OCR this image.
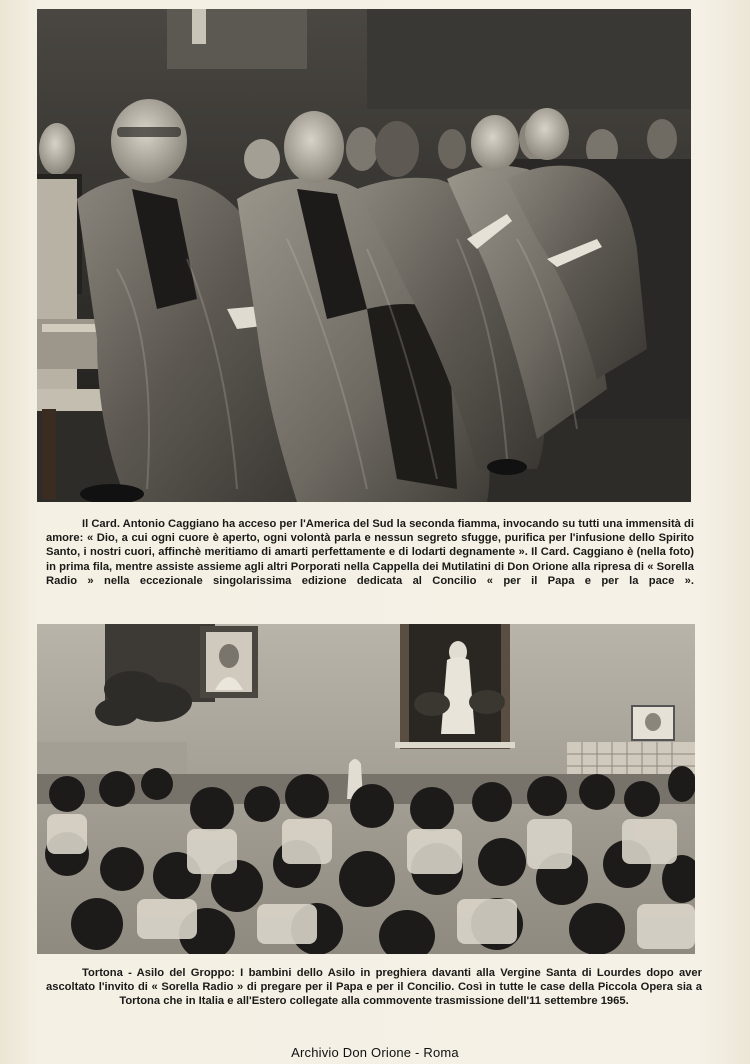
Il Card. Antonio Caggiano ha acceso per l'America del Sud la seconda fiamma, invocando su tutti una immensità di amore: « Dio, a cui ogni cuore è aperto, ogni volontà parla e nessun segreto sfugge, purifica per l'infusione dello Spirito Santo, i nostri cuori, affinchè meritiamo di amarti perfettamente e di lodarti degnamente ». Il Card. Caggiano è (nella foto) in prima fila, mentre assiste assieme agli altri Porporati nella Cappella dei Mutilatini di Don Orione alla ripresa di « Sorella Radio » nella eccezionale singolarissima edizione dedicata al Concilio « per il Papa e per la pace ».

Tortona - Asilo del Groppo: I bambini dello Asilo in preghiera davanti alla Vergine Santa di Lourdes dopo aver ascoltato l'invito di « Sorella Radio » di pregare per il Papa e per il Concilio. Così in tutte le case della Piccola Opera sia a Tortona che in Italia e all'Estero collegate alla commovente trasmissione dell'11 settembre 1965.

Archivio Don Orione - Roma
